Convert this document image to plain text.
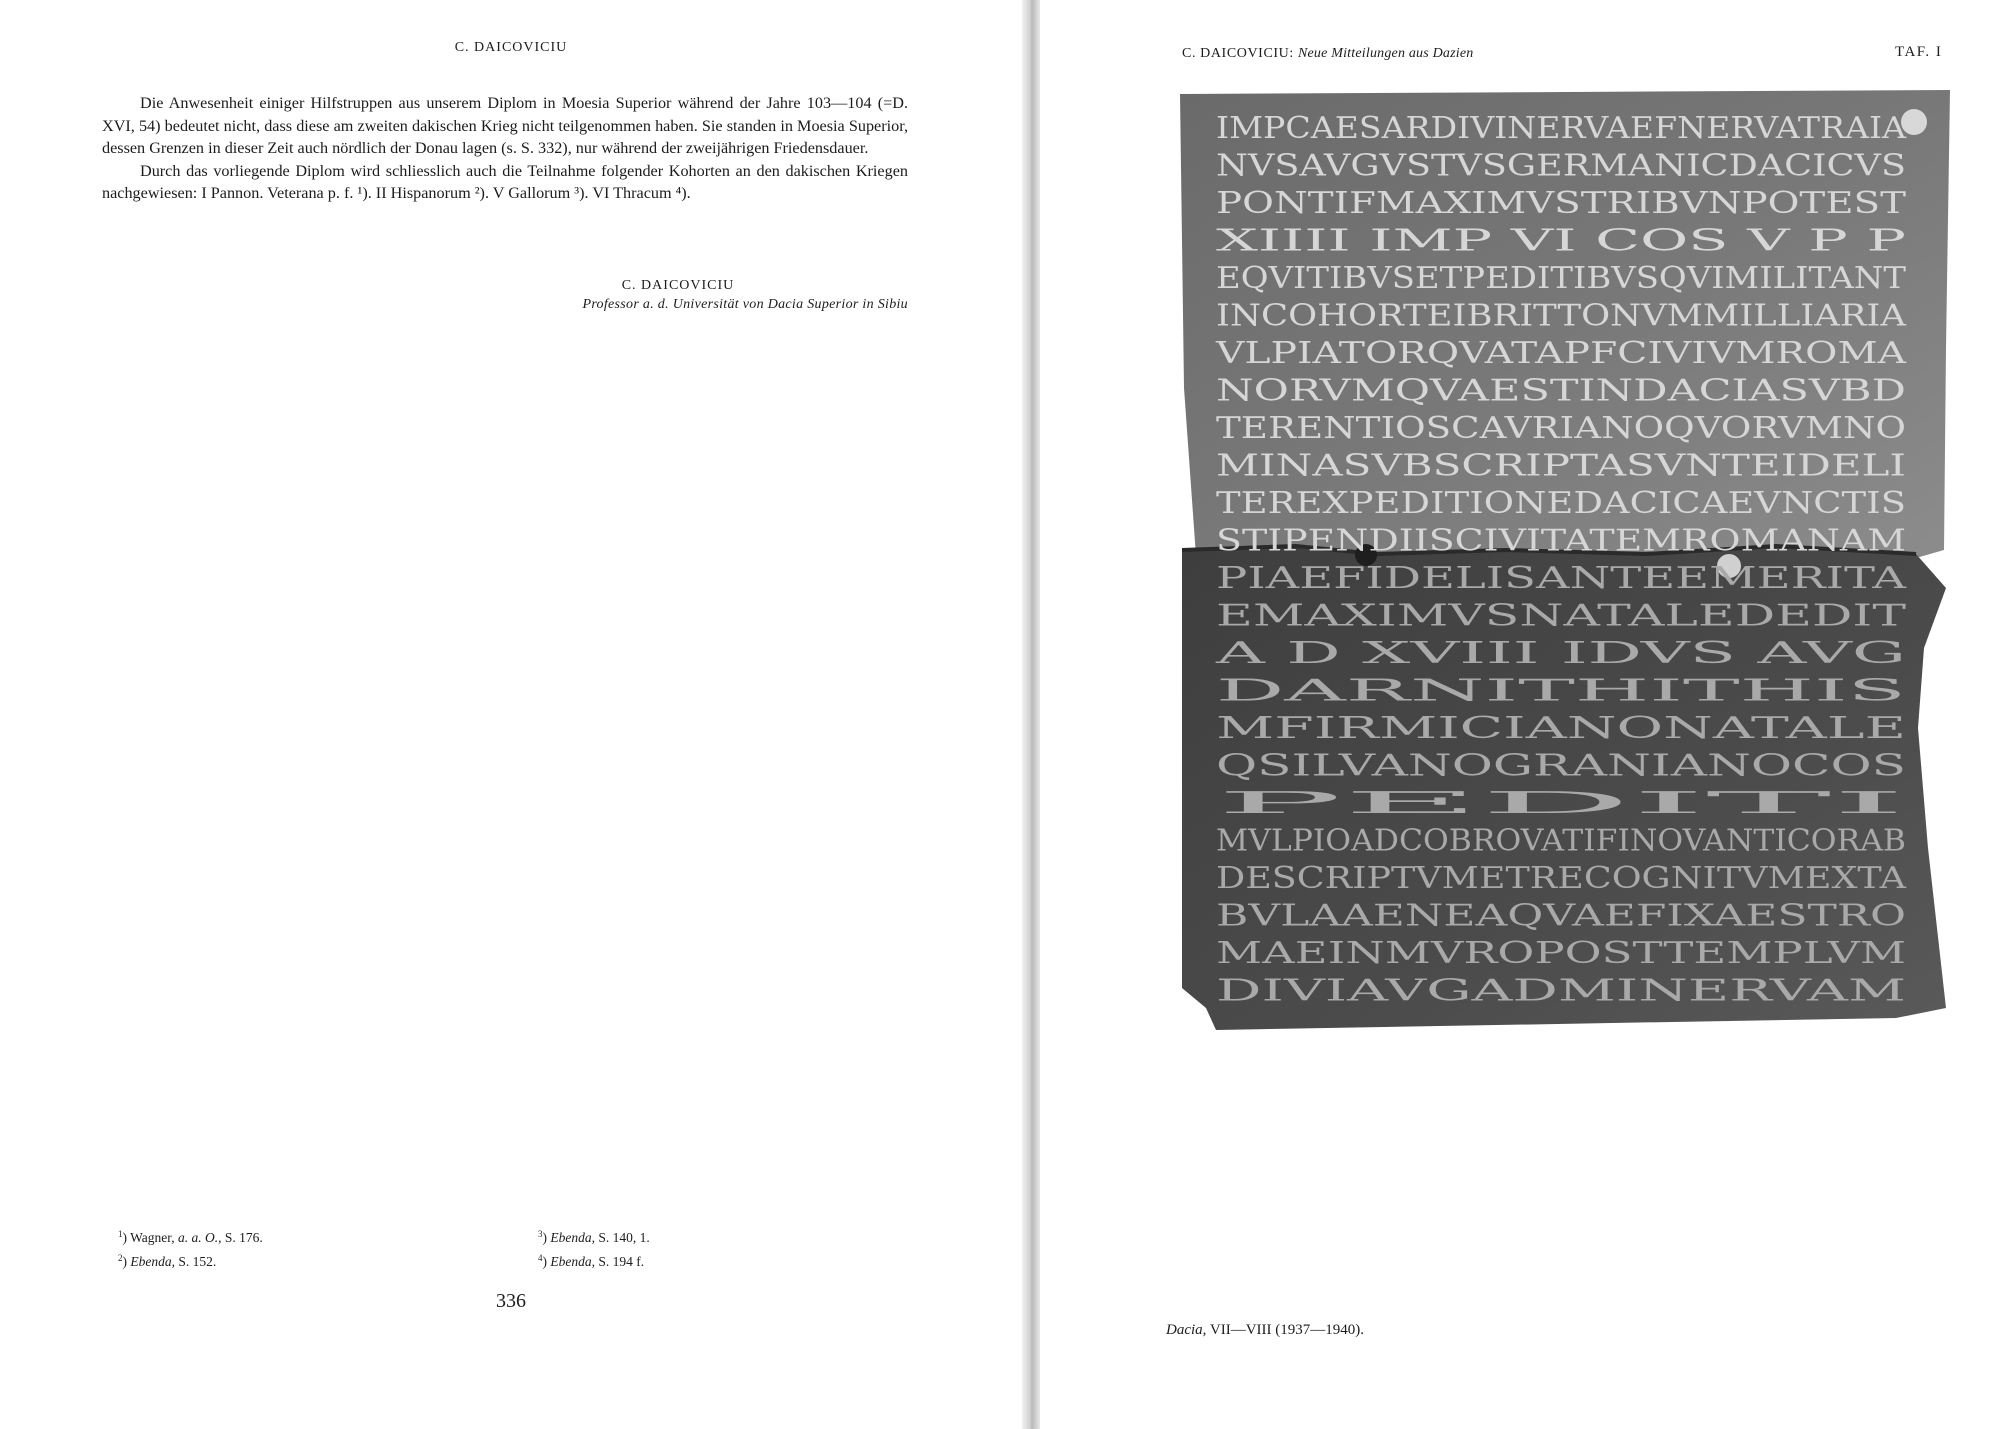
C. DAICOVICIU

Die Anwesenheit einiger Hilfstruppen aus unserem Diplom in Moesia Superior während der Jahre 103—104 (=D. XVI, 54) bedeutet nicht, dass diese am zweiten dakischen Krieg nicht teilgenommen haben. Sie standen in Moesia Superior, dessen Grenzen in dieser Zeit auch nördlich der Donau lagen (s. S. 332), nur während der zweijährigen Friedensdauer.

Durch das vorliegende Diplom wird schliesslich auch die Teilnahme folgender Kohorten an den dakischen Kriegen nachgewiesen: I Pannon. Veterana p. f. ¹). II Hispanorum ²). V Gallorum ³). VI Thracum ⁴).

C. DAICOVICIU
Professor a. d. Universität von Dacia Superior in Sibiu
$^1$) Wagner, a. a. O., S. 176.
$^2$) Ebenda, S. 152.
$^3$) Ebenda, S. 140, 1.
$^4$) Ebenda, S. 194 f.
336
C. DAICOVICIU: Neue Mitteilungen aus Dazien	TAF. I
IMPCAESARDIVINERVAEFNERVATRAIA
NVSAVGVSTVSGERMANICDACICVS
PONTIFMAXIMVSTRIBVNPOTEST
XIIII IMP VI COS V P P
EQVITIBVSETPEDITIBVSQVIMILITANT
INCOHORTEIBRITTONVMMILLIARIA
VLPIATORQVATAPFCIVIVMROMA
NORVMQVAESTINDACIASVBD
TERENTIOSCAVRIANOQVORVMNO
MINASVBSCRIPTASVNTEIDELI
TEREXPEDITIONEDACICAEVNCTIS
STIPENDIISCIVITATEMROMANAM
PIAEFIDELISANTEEMERITA
EMAXIMVSNATALEDEDIT
A D XVIII IDVS AVG
DARNITHITHIS
MFIRMICIANONATALE
QSILVANOGRANIANOCOS
PEDITI
MVLPIOADCOBROVATIFINOVANTICORAB
DESCRIPTVMETRECOGNITVMEXTA
BVLAAENEAQVAEFIXAESTRO
MAEINMVROPOSTTEMPLVM
DIVIAVGADMINERVAM
Dacia, VII—VIII (1937—1940).
